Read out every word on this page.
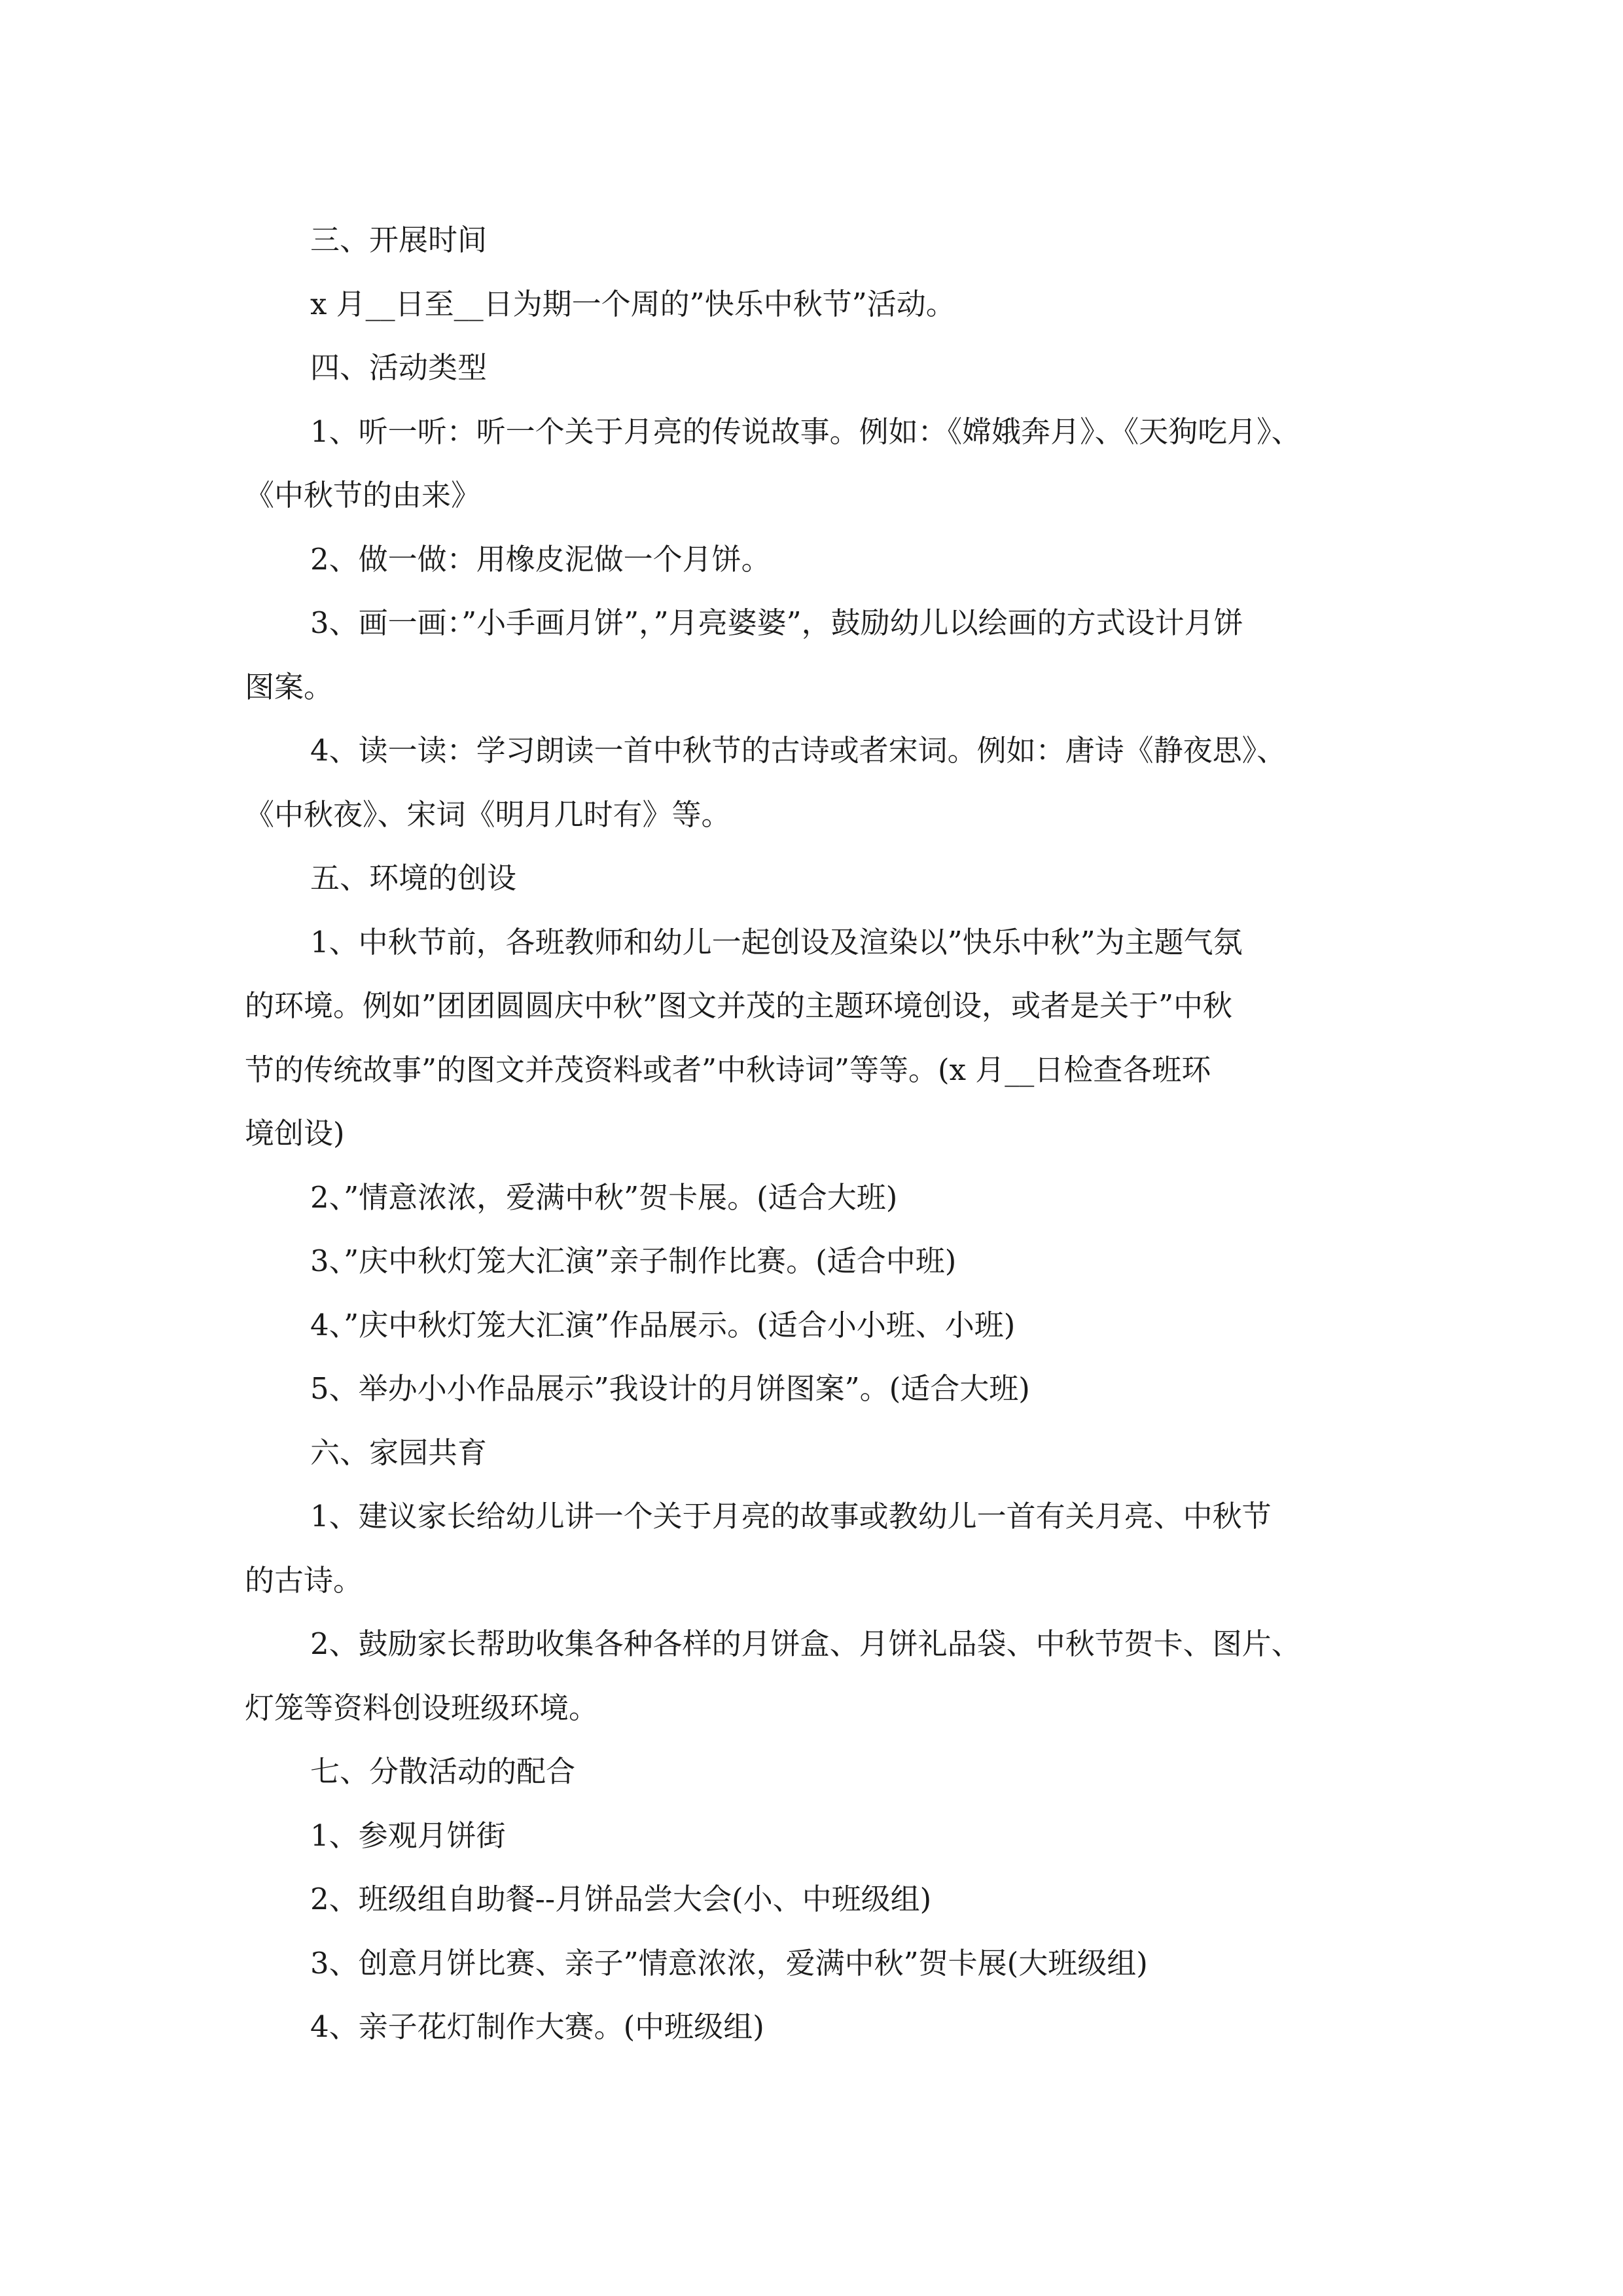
三、开展时间

x 月__日至__日为期一个周的”快乐中秋节”活动。

四、活动类型

1、听一听：听一个关于月亮的传说故事。例如：《嫦娥奔月》、《天狗吃月》、

《中秋节的由来》

2、做一做：用橡皮泥做一个月饼。

3、画一画：”小手画月饼”，”月亮婆婆”，鼓励幼儿以绘画的方式设计月饼

图案。

4、读一读：学习朗读一首中秋节的古诗或者宋词。例如：唐诗《静夜思》、

《中秋夜》、宋词《明月几时有》等。

五、环境的创设

1、中秋节前，各班教师和幼儿一起创设及渲染以”快乐中秋”为主题气氛

的环境。例如”团团圆圆庆中秋”图文并茂的主题环境创设，或者是关于”中秋

节的传统故事”的图文并茂资料或者”中秋诗词”等等。(x 月__日检查各班环

境创设)

2、”情意浓浓，爱满中秋”贺卡展。(适合大班)

3、”庆中秋灯笼大汇演”亲子制作比赛。(适合中班)

4、”庆中秋灯笼大汇演”作品展示。(适合小小班、小班)

5、举办小小作品展示”我设计的月饼图案”。(适合大班)

六、家园共育

1、建议家长给幼儿讲一个关于月亮的故事或教幼儿一首有关月亮、中秋节

的古诗。

2、鼓励家长帮助收集各种各样的月饼盒、月饼礼品袋、中秋节贺卡、图片、

灯笼等资料创设班级环境。

七、分散活动的配合

1、参观月饼街

2、班级组自助餐--月饼品尝大会(小、中班级组)

3、创意月饼比赛、亲子”情意浓浓，爱满中秋”贺卡展(大班级组)

4、亲子花灯制作大赛。(中班级组)
